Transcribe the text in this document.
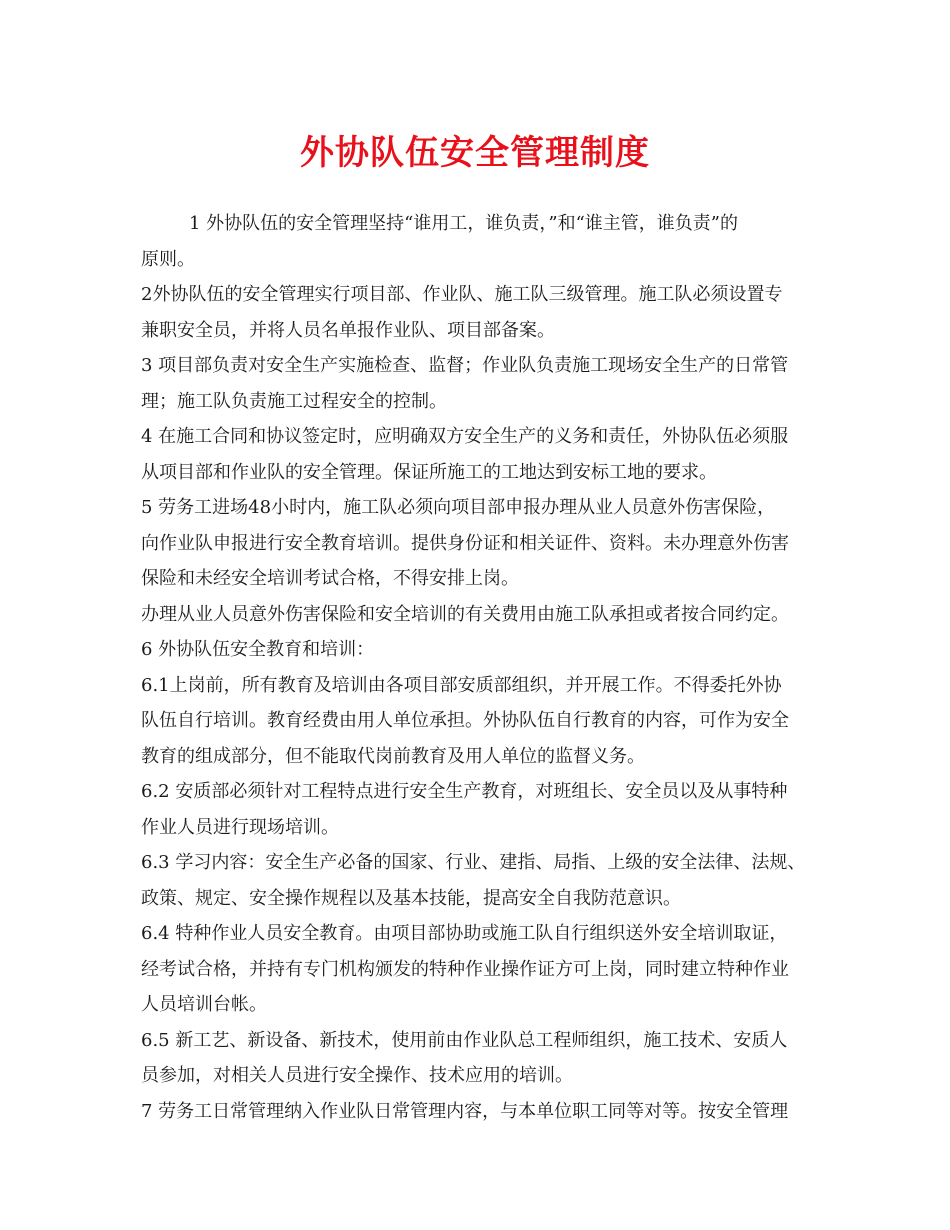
外协队伍安全管理制度
1 外协队伍的安全管理坚持“谁用工，谁负责，”和“谁主管，谁负责”的
原则。
2外协队伍的安全管理实行项目部、作业队、施工队三级管理。施工队必须设置专
兼职安全员，并将人员名单报作业队、项目部备案。
3 项目部负责对安全生产实施检查、监督；作业队负责施工现场安全生产的日常管
理；施工队负责施工过程安全的控制。
4 在施工合同和协议签定时，应明确双方安全生产的义务和责任，外协队伍必须服
从项目部和作业队的安全管理。保证所施工的工地达到安标工地的要求。
5 劳务工进场48小时内，施工队必须向项目部申报办理从业人员意外伤害保险，
向作业队申报进行安全教育培训。提供身份证和相关证件、资料。未办理意外伤害
保险和未经安全培训考试合格，不得安排上岗。
办理从业人员意外伤害保险和安全培训的有关费用由施工队承担或者按合同约定。
6 外协队伍安全教育和培训：
6.1上岗前，所有教育及培训由各项目部安质部组织，并开展工作。不得委托外协
队伍自行培训。教育经费由用人单位承担。外协队伍自行教育的内容，可作为安全
教育的组成部分，但不能取代岗前教育及用人单位的监督义务。
6.2 安质部必须针对工程特点进行安全生产教育，对班组长、安全员以及从事特种
作业人员进行现场培训。
6.3 学习内容：安全生产必备的国家、行业、建指、局指、上级的安全法律、法规、
政策、规定、安全操作规程以及基本技能，提高安全自我防范意识。
6.4 特种作业人员安全教育。由项目部协助或施工队自行组织送外安全培训取证，
经考试合格，并持有专门机构颁发的特种作业操作证方可上岗，同时建立特种作业
人员培训台帐。
6.5 新工艺、新设备、新技术，使用前由作业队总工程师组织，施工技术、安质人
员参加，对相关人员进行安全操作、技术应用的培训。
7 劳务工日常管理纳入作业队日常管理内容，与本单位职工同等对等。按安全管理
